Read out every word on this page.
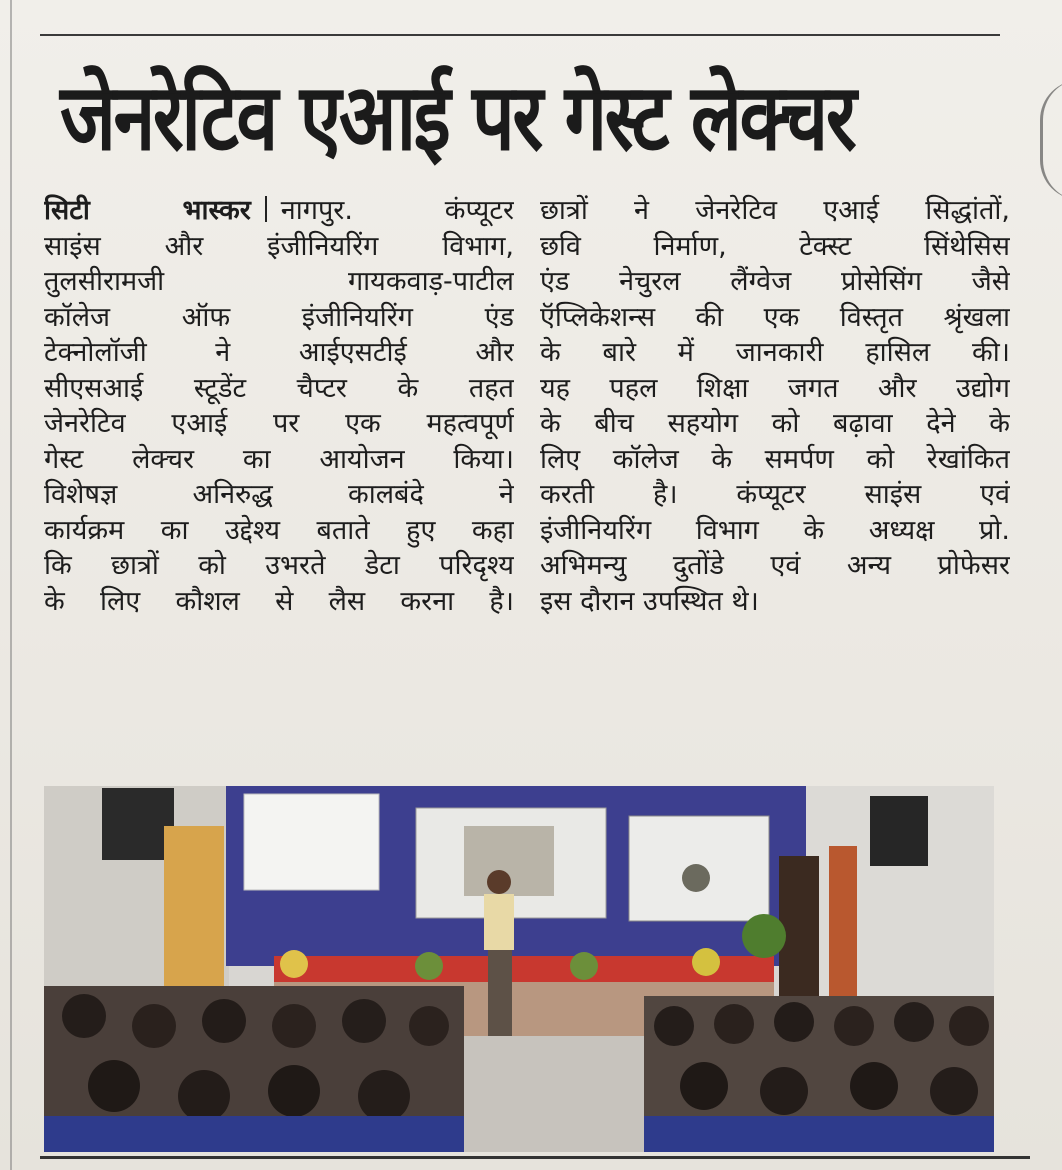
जेनरेटिव एआई पर गेस्ट लेक्चर
सिटी भास्कर नागपुर. कंप्यूटर
साइंस और इंजीनियरिंग विभाग,
तुलसीरामजी गायकवाड़-पाटील
कॉलेज ऑफ इंजीनियरिंग एंड
टेक्नोलॉजी ने आईएसटीई और
सीएसआई स्टूडेंट चैप्टर के तहत
जेनरेटिव एआई पर एक महत्वपूर्ण
गेस्ट लेक्चर का आयोजन किया।
विशेषज्ञ अनिरुद्ध कालबंदे ने
कार्यक्रम का उद्देश्य बताते हुए कहा
कि छात्रों को उभरते डेटा परिदृश्य
के लिए कौशल से लैस करना है।
छात्रों ने जेनरेटिव एआई सिद्धांतों,
छवि निर्माण, टेक्स्ट सिंथेसिस
एंड नेचुरल लैंग्वेज प्रोसेसिंग जैसे
ऍप्लिकेशन्स की एक विस्तृत श्रृंखला
के बारे में जानकारी हासिल की।
यह पहल शिक्षा जगत और उद्योग
के बीच सहयोग को बढ़ावा देने के
लिए कॉलेज के समर्पण को रेखांकित
करती है। कंप्यूटर साइंस एवं
इंजीनियरिंग विभाग के अध्यक्ष प्रो.
अभिमन्यु दुतोंडे एवं अन्य प्रोफेसर
इस दौरान उपस्थित थे।
